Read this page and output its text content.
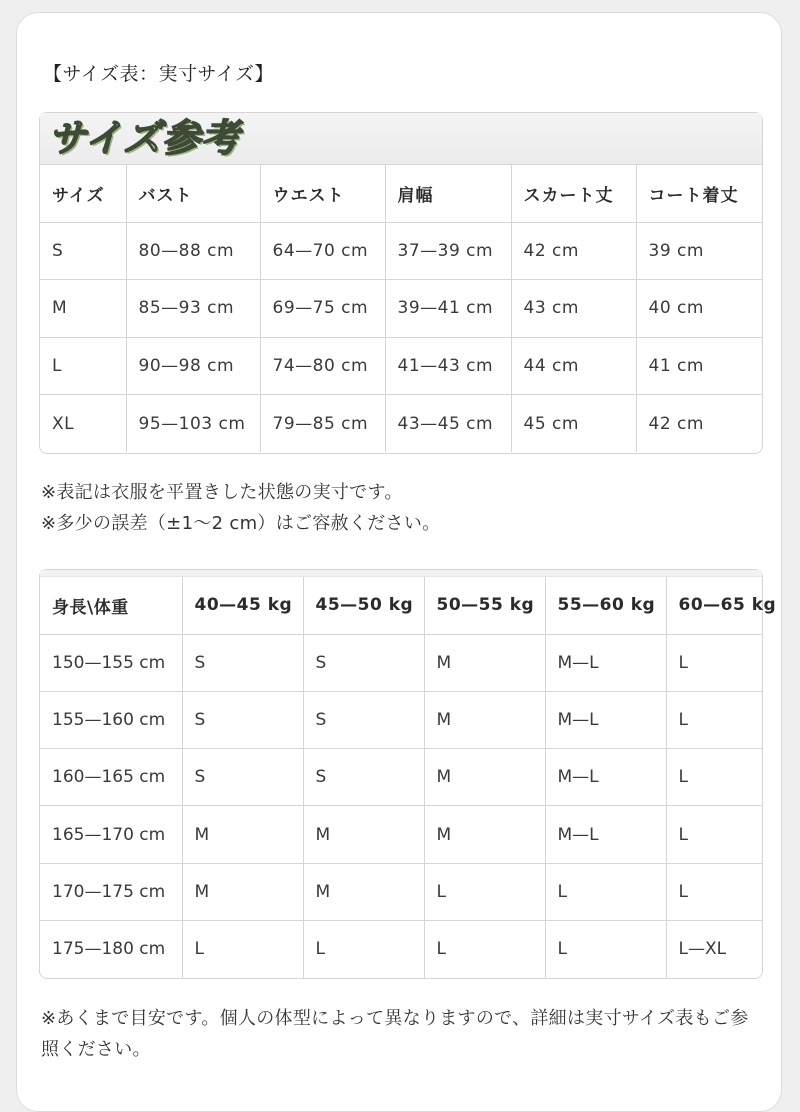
【サイズ表：実寸サイズ】
サイズ参考
サイズ	バスト	ウエスト	肩幅	スカート丈	コート着丈
S	80—88 cm	64—70 cm	37—39 cm	42 cm	39 cm
M	85—93 cm	69—75 cm	39—41 cm	43 cm	40 cm
L	90—98 cm	74—80 cm	41—43 cm	44 cm	41 cm
XL	95—103 cm	79—85 cm	43—45 cm	45 cm	42 cm
※表記は衣服を平置きした状態の実寸です。
※多少の誤差（±1〜2 cm）はご容赦ください。
身長\体重	40—45 kg	45—50 kg	50—55 kg	55—60 kg	60—65 kg
150—155 cm	S	S	M	M—L	L
155—160 cm	S	S	M	M—L	L
160—165 cm	S	S	M	M—L	L
165—170 cm	M	M	M	M—L	L
170—175 cm	M	M	L	L	L
175—180 cm	L	L	L	L	L—XL
※あくまで目安です。個人の体型によって異なりますので、詳細は実寸サイズ表もご参照ください。
